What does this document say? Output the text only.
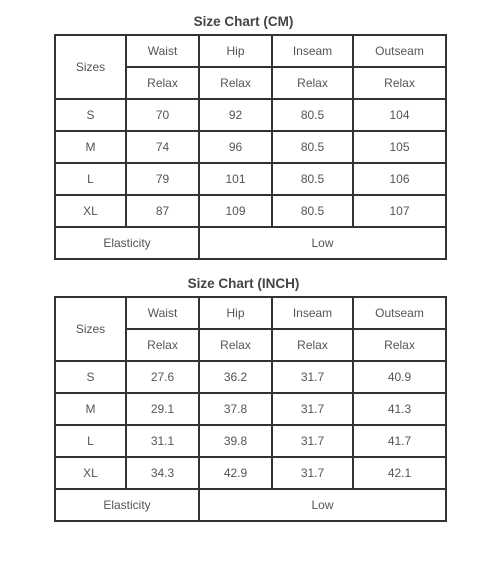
Size Chart (CM)
Sizes	Waist	Hip	Inseam	Outseam
	Relax	Relax	Relax	Relax
S	70	92	80.5	104
M	74	96	80.5	105
L	79	101	80.5	106
XL	87	109	80.5	107
Elasticity		Low		
Size Chart (INCH)
Sizes	Waist	Hip	Inseam	Outseam
	Relax	Relax	Relax	Relax
S	27.6	36.2	31.7	40.9
M	29.1	37.8	31.7	41.3
L	31.1	39.8	31.7	41.7
XL	34.3	42.9	31.7	42.1
Elasticity		Low		
